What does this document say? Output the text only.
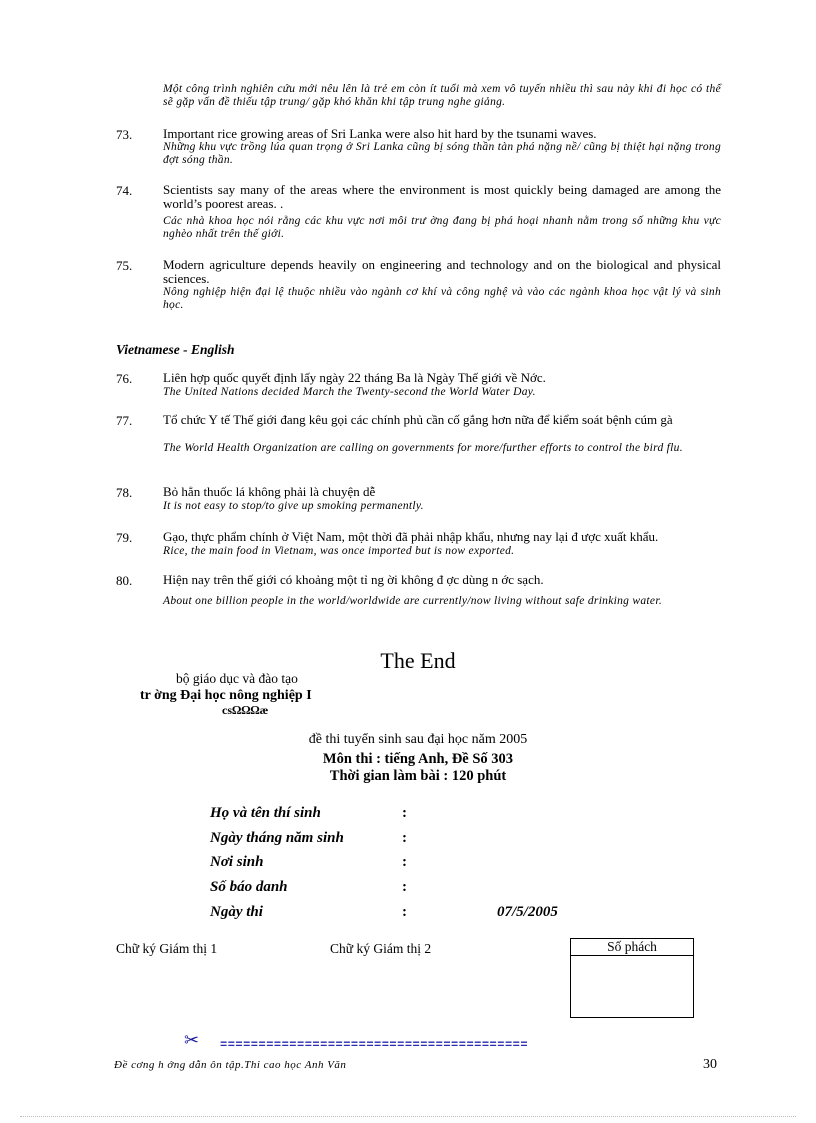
Một công trình nghiên cứu mới nêu lên là trẻ em còn ít tuổi mà xem vô tuyến nhiều thì sau này khi đi học có thể sẽ gặp vấn đề thiếu tập trung/ gặp khó khăn khi tập trung nghe giảng.
73. Important rice growing areas of Sri Lanka were also hit hard by the tsunami waves.
Những khu vực trồng lúa quan trọng ở Sri Lanka cũng bị sóng thần tàn phá nặng nề/ cũng bị thiệt hại nặng trong đợt sóng thần.
74. Scientists say many of the areas where the environment is most quickly being damaged are among the world’s poorest areas. .
Các nhà khoa học nói rằng các khu vực nơi môi trư ờng đang bị phá hoại nhanh nằm trong số những khu vực nghèo nhất trên thế giới.
75. Modern agriculture depends heavily on engineering and technology and on the biological and physical sciences.
Nông nghiệp hiện đại lệ thuộc nhiều vào ngành cơ khí và công nghệ và vào các ngành khoa học vật lý và sinh học.
Vietnamese - English
76. Liên hợp quốc quyết định lấy ngày 22 tháng Ba là Ngày Thế giới về Nớc.
The United Nations decided March the Twenty-second the World Water Day.
77. Tổ chức Y tế Thế giới đang kêu gọi các chính phủ cần cố gắng hơn nữa để kiểm soát bệnh cúm gà
The World Health Organization are calling on governments for more/further efforts to control the bird flu.
78. Bỏ hẳn thuốc lá không phải là chuyện dễ
It is not easy to stop/to give up smoking permanently.
79. Gạo, thực phẩm chính ở Việt Nam, một thời đã phải nhập khẩu, nhưng nay lại đ ược xuất khẩu.
Rice, the main food in Vietnam, was once imported but is now exported.
80. Hiện nay trên thế giới có khoảng một tỉ ng ời không đ ợc dùng n ớc sạch.
About one billion people in the world/worldwide are currently/now living without safe drinking water.
The End
bộ giáo dục và đào tạo
tr ờng Đại học nông nghiệp I
csΩΩΩæ
đề thi tuyển sinh sau đại học năm 2005
Môn thi : tiếng Anh, Đề Số 303
Thời gian làm bài : 120 phút
Họ và tên thí sinh	:
Ngày tháng năm sinh	:
Nơi sinh	:
Số báo danh	:
Ngày thi	:	07/5/2005
Chữ ký Giám thị 1	Chữ ký Giám thị 2	Số phách
✂ ========================================
Đề cơng h ớng dẫn ôn tập.Thi cao học Anh Văn	30
